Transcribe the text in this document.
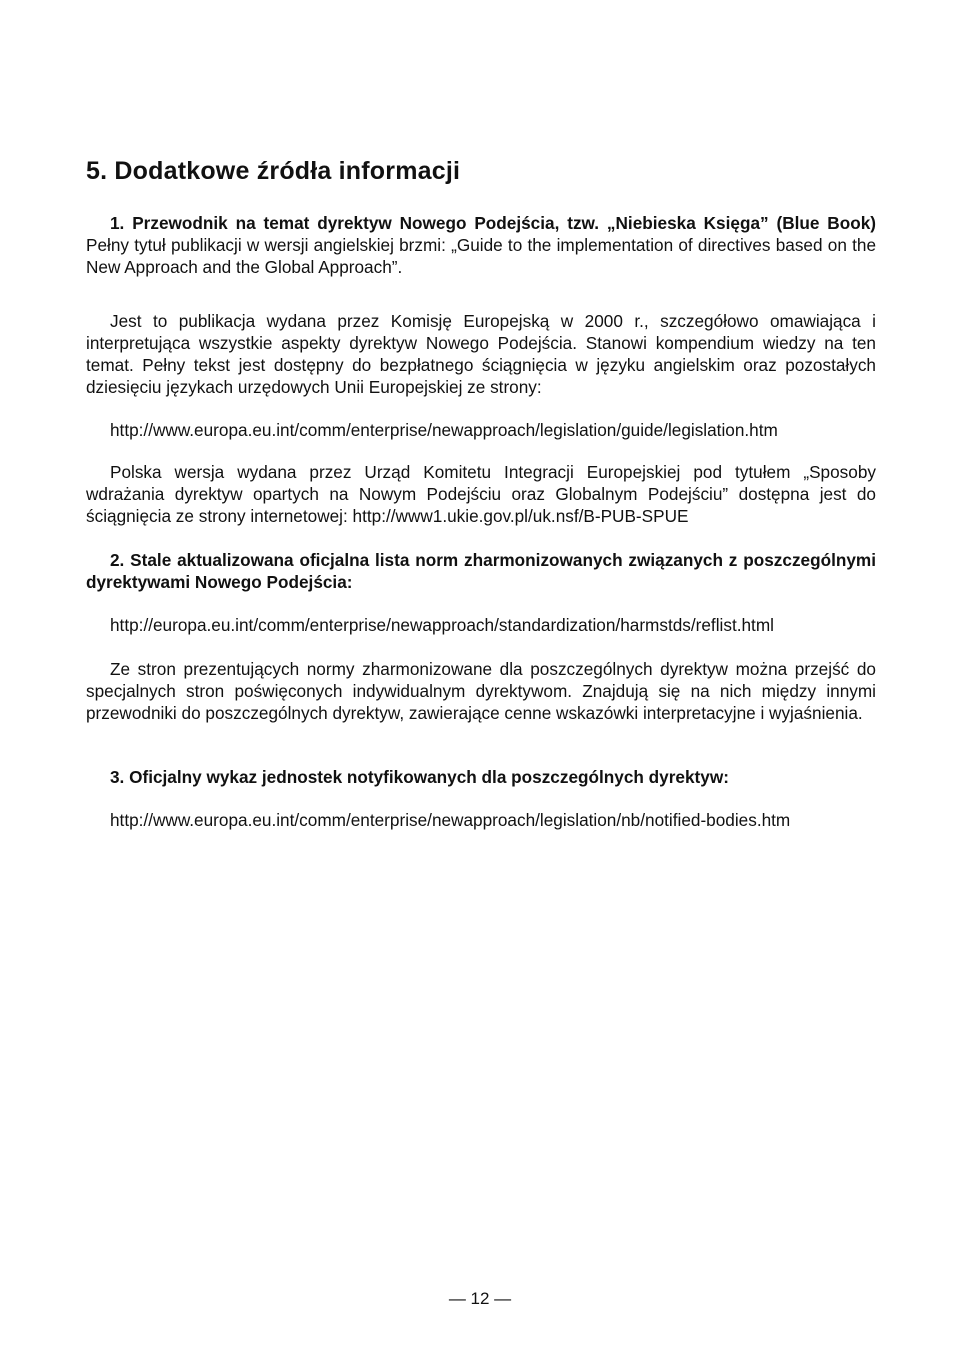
5. Dodatkowe źródła informacji

1. Przewodnik na temat dyrektyw Nowego Podejścia, tzw. „Niebieska Księga” (Blue Book) Pełny tytuł publikacji w wersji angielskiej brzmi: „Guide to the implementation of directives based on the New Approach and the Global Approach”.

Jest to publikacja wydana przez Komisję Europejską w 2000 r., szczegółowo omawiająca i interpretująca wszystkie aspekty dyrektyw Nowego Podejścia. Stanowi kompendium wiedzy na ten temat. Pełny tekst jest dostępny do bezpłatnego ściągnięcia w języku angielskim oraz pozostałych dziesięciu językach urzędowych Unii Europejskiej ze strony:

http://www.europa.eu.int/comm/enterprise/newapproach/legislation/guide/legislation.htm

Polska wersja wydana przez Urząd Komitetu Integracji Europejskiej pod tytułem „Sposoby wdrażania dyrektyw opartych na Nowym Podejściu oraz Globalnym Podejściu” dostępna jest do ściągnięcia ze strony internetowej: http://www1.ukie.gov.pl/uk.nsf/B-PUB-SPUE

2. Stale aktualizowana oficjalna lista norm zharmonizowanych związanych z poszczególnymi dyrektywami Nowego Podejścia:

http://europa.eu.int/comm/enterprise/newapproach/standardization/harmstds/reflist.html

Ze stron prezentujących normy zharmonizowane dla poszczególnych dyrektyw można przejść do specjalnych stron poświęconych indywidualnym dyrektywom. Znajdują się na nich między innymi przewodniki do poszczególnych dyrektyw, zawierające cenne wskazówki interpretacyjne i wyjaśnienia.

3. Oficjalny wykaz jednostek notyfikowanych dla poszczególnych dyrektyw:

http://www.europa.eu.int/comm/enterprise/newapproach/legislation/nb/notified-bodies.htm

— 12 —
